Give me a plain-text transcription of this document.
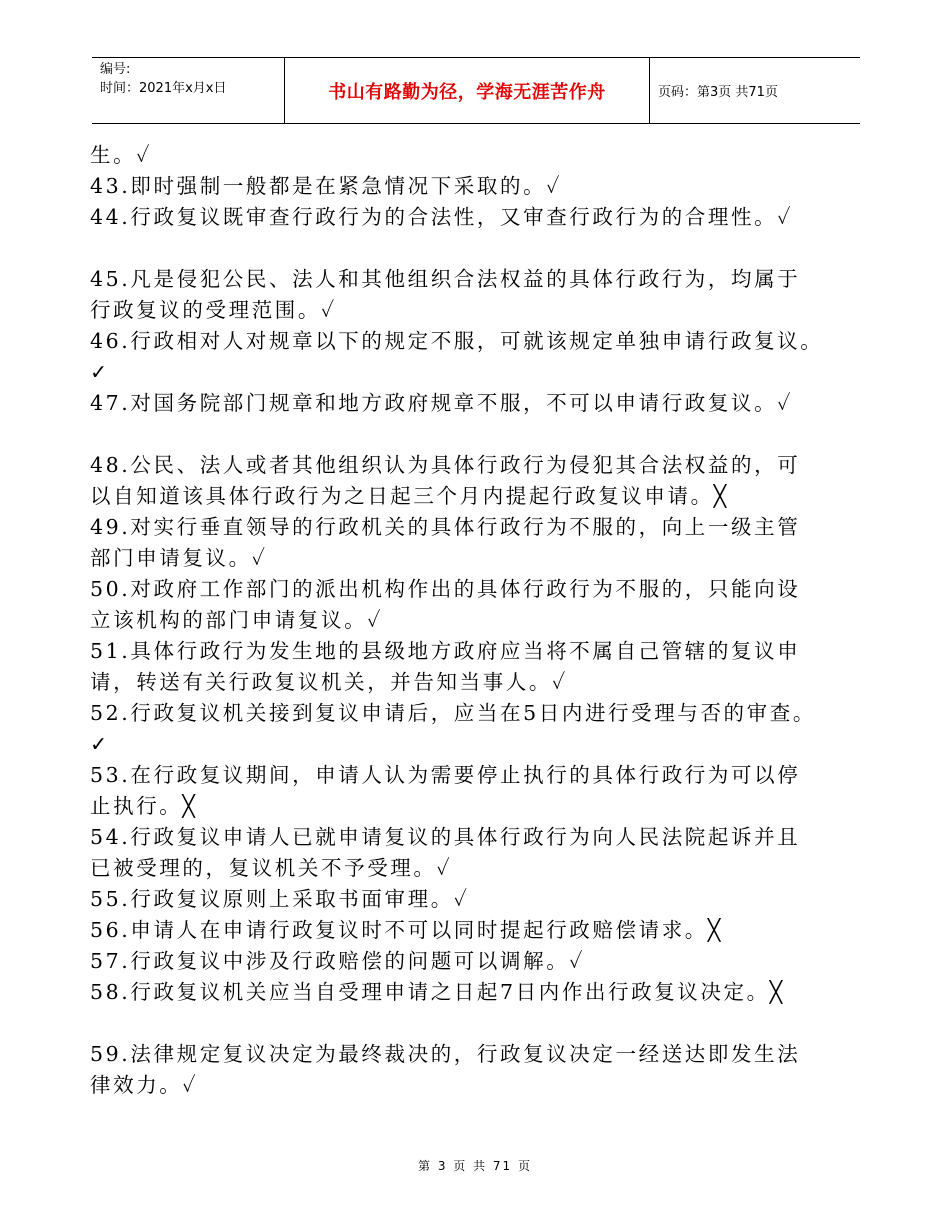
编号:
时间：2021年x月x日	书山有路勤为径，学海无涯苦作舟	页码：第3页 共71页
生。✓
43.即时强制一般都是在紧急情况下采取的。✓
44.行政复议既审查行政行为的合法性，又审查行政行为的合理性。✓
45.凡是侵犯公民、法人和其他组织合法权益的具体行政行为，均属于
行政复议的受理范围。✓
46.行政相对人对规章以下的规定不服，可就该规定单独申请行政复议。
✓
47.对国务院部门规章和地方政府规章不服，不可以申请行政复议。✓
48.公民、法人或者其他组织认为具体行政行为侵犯其合法权益的，可
以自知道该具体行政行为之日起三个月内提起行政复议申请。╳
49.对实行垂直领导的行政机关的具体行政行为不服的，向上一级主管
部门申请复议。✓
50.对政府工作部门的派出机构作出的具体行政行为不服的，只能向设
立该机构的部门申请复议。✓
51.具体行政行为发生地的县级地方政府应当将不属自己管辖的复议申
请，转送有关行政复议机关，并告知当事人。✓
52.行政复议机关接到复议申请后，应当在5日内进行受理与否的审查。
✓
53.在行政复议期间，申请人认为需要停止执行的具体行政行为可以停
止执行。╳
54.行政复议申请人已就申请复议的具体行政行为向人民法院起诉并且
已被受理的，复议机关不予受理。✓
55.行政复议原则上采取书面审理。✓
56.申请人在申请行政复议时不可以同时提起行政赔偿请求。╳
57.行政复议中涉及行政赔偿的问题可以调解。✓
58.行政复议机关应当自受理申请之日起7日内作出行政复议决定。╳
59.法律规定复议决定为最终裁决的，行政复议决定一经送达即发生法
律效力。✓
第 3 页 共 71 页
